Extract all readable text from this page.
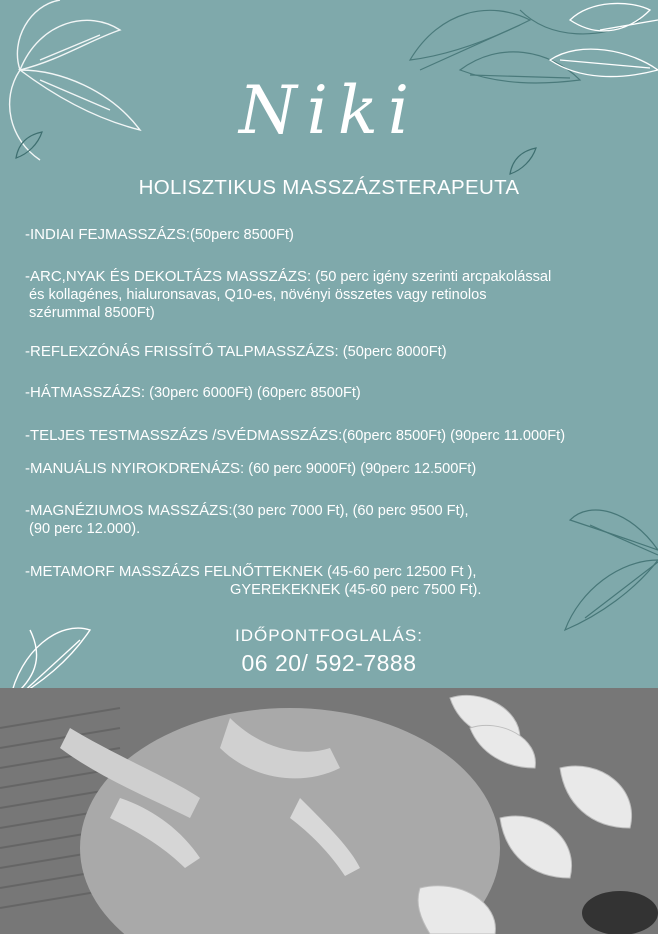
Niki
HOLISZTIKUS MASSZÁZSTERAPEUTA
-INDIAI FEJMASSZÁZS:(50perc 8500Ft)
-ARC,NYAK ÉS DEKOLTÁZS MASSZÁZS: (50 perc igény szerinti arcpakolással
és kollagénes, hialuronsavas, Q10-es, növényi összetes vagy retinolos
szérummal 8500Ft)
-REFLEXZÓNÁS FRISSÍTŐ TALPMASSZÁZS: (50perc 8000Ft)
-HÁTMASSZÁZS: (30perc 6000Ft) (60perc 8500Ft)
-TELJES TESTMASSZÁZS /SVÉDMASSZÁZS:(60perc 8500Ft) (90perc 11.000Ft)
-MANUÁLIS NYIROKDRENÁZS: (60 perc 9000Ft) (90perc 12.500Ft)
-MAGNÉZIUMOS MASSZÁZS:(30 perc 7000 Ft), (60 perc 9500 Ft),
(90 perc 12.000).
-METAMORF MASSZÁZS FELNŐTTEKNEK (45-60 perc 12500 Ft ),
GYEREKEKNEK (45-60 perc 7500 Ft).
IDŐPONTFOGLALÁS:
06 20/ 592-7888
